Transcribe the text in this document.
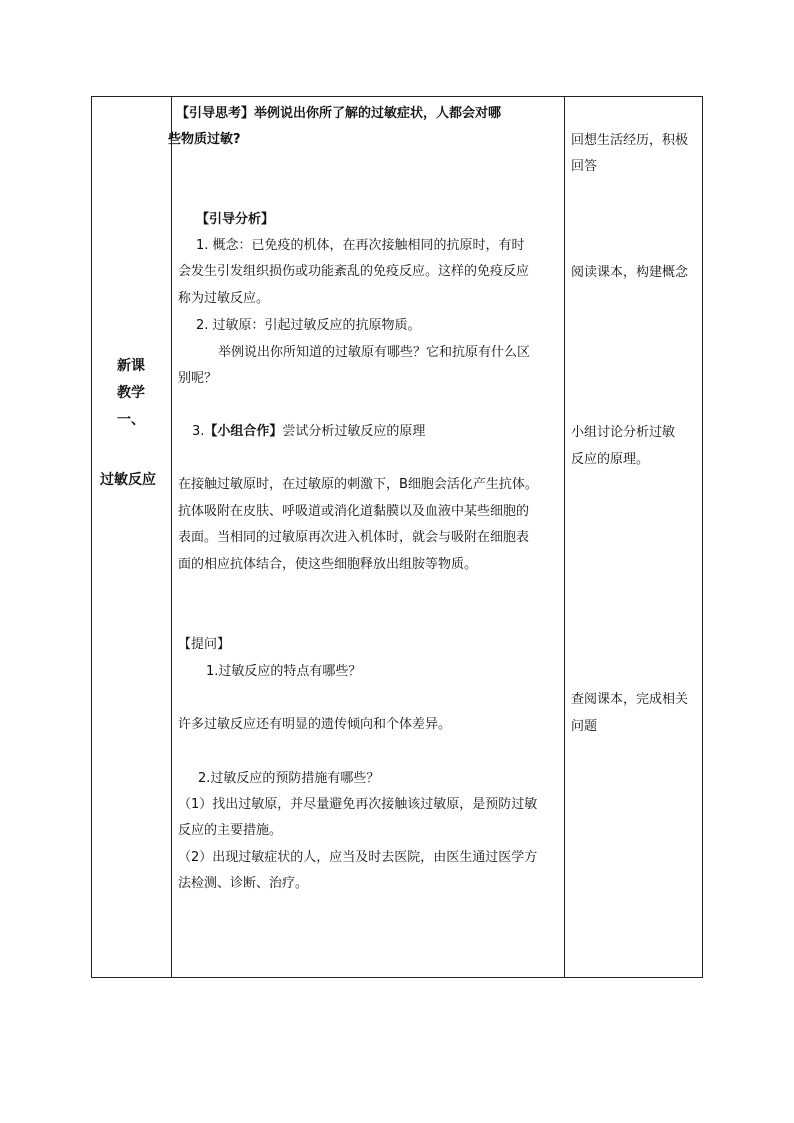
新课
教学
一、
过敏反应
【引导思考】举例说出你所了解的过敏症状，人都会对哪
些物质过敏?
【引导分析】
1. 概念：已免疫的机体，在再次接触相同的抗原时，有时
会发生引发组织损伤或功能紊乱的免疫反应。这样的免疫反应
称为过敏反应。
2. 过敏原：引起过敏反应的抗原物质。
举例说出你所知道的过敏原有哪些？它和抗原有什么区
别呢？
3.【小组合作】尝试分析过敏反应的原理
在接触过敏原时，在过敏原的刺激下，B细胞会活化产生抗体。
抗体吸附在皮肤、呼吸道或消化道黏膜以及血液中某些细胞的
表面。当相同的过敏原再次进入机体时，就会与吸附在细胞表
面的相应抗体结合，使这些细胞释放出组胺等物质。
【提问】
1.过敏反应的特点有哪些？
许多过敏反应还有明显的遗传倾向和个体差异。
2.过敏反应的预防措施有哪些？
（1）找出过敏原，并尽量避免再次接触该过敏原，是预防过敏
反应的主要措施。
（2）出现过敏症状的人，应当及时去医院，由医生通过医学方
法检测、诊断、治疗。
回想生活经历，积极
回答
阅读课本，构建概念
小组讨论分析过敏
反应的原理。
查阅课本，完成相关
问题
